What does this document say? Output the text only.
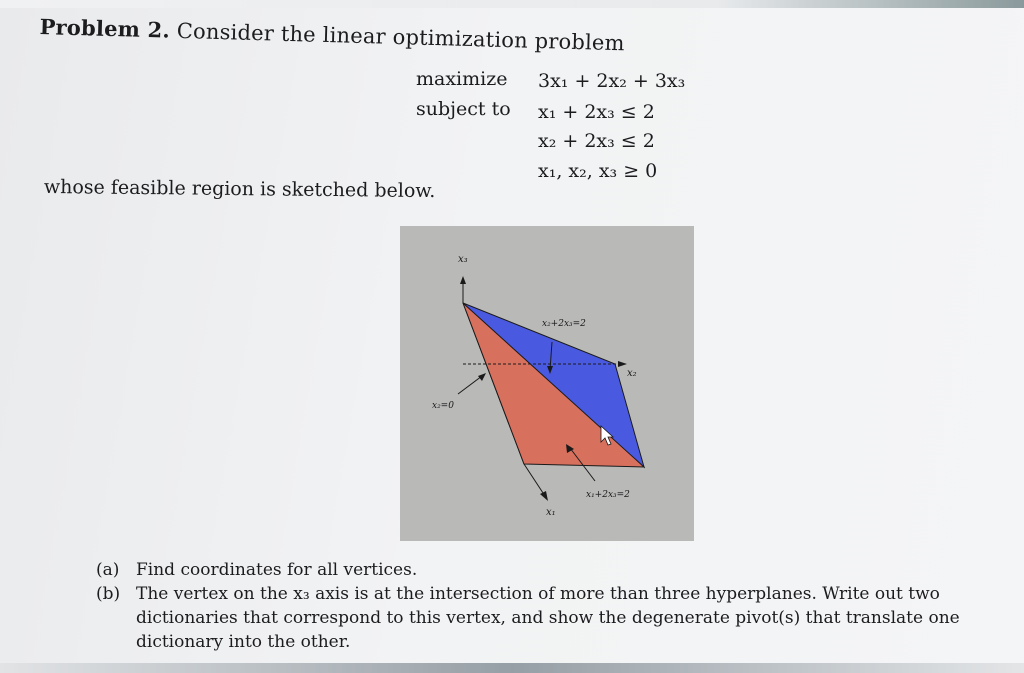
Problem 2. Consider the linear optimization problem
maximize 3x₁ + 2x₂ + 3x₃
subject to x₁ + 2x₃ ≤ 2
x₂ + 2x₃ ≤ 2
x₁, x₂, x₃ ≥ 0
whose feasible region is sketched below.
x₃
x₂
x₁
x₂=0
x₂+2x₃=2
x₁+2x₃=2
(a) Find coordinates for all vertices.
(b) The vertex on the x₃ axis is at the intersection of more than three hyperplanes. Write out two dictionaries that correspond to this vertex, and show the degenerate pivot(s) that translate one dictionary into the other.
